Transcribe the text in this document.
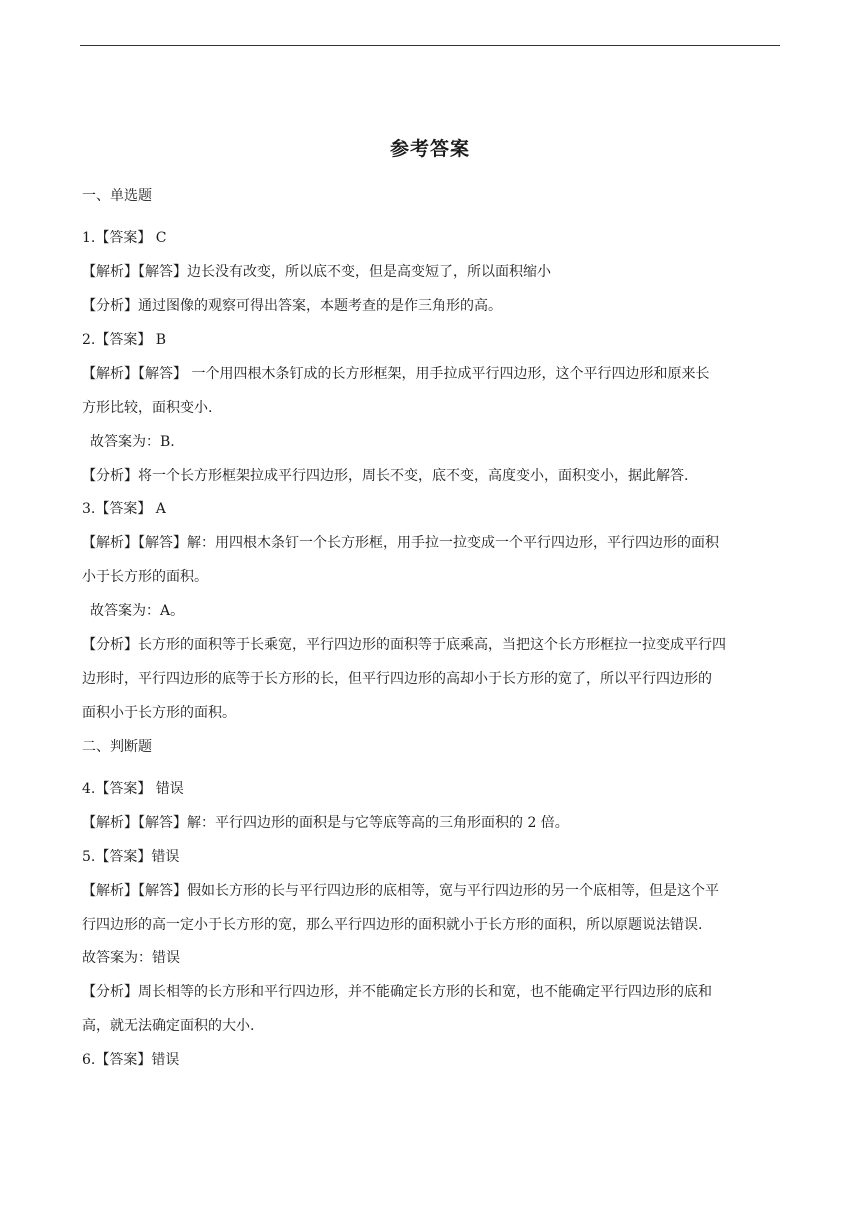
参考答案
一、单选题
1.【答案】 C
【解析】【解答】边长没有改变，所以底不变，但是高变短了，所以面积缩小
【分析】通过图像的观察可得出答案，本题考查的是作三角形的高。
2.【答案】 B
【解析】【解答】 一个用四根木条钉成的长方形框架，用手拉成平行四边形，这个平行四边形和原来长
方形比较，面积变小.
故答案为：B.
【分析】将一个长方形框架拉成平行四边形，周长不变，底不变，高度变小，面积变小，据此解答.
3.【答案】 A
【解析】【解答】解：用四根木条钉一个长方形框，用手拉一拉变成一个平行四边形，平行四边形的面积
小于长方形的面积。
故答案为：A。
【分析】长方形的面积等于长乘宽，平行四边形的面积等于底乘高，当把这个长方形框拉一拉变成平行四
边形时，平行四边形的底等于长方形的长，但平行四边形的高却小于长方形的宽了，所以平行四边形的
面积小于长方形的面积。
二、判断题
4.【答案】 错误
【解析】【解答】解：平行四边形的面积是与它等底等高的三角形面积的 2 倍。
5.【答案】错误
【解析】【解答】假如长方形的长与平行四边形的底相等，宽与平行四边形的另一个底相等，但是这个平
行四边形的高一定小于长方形的宽，那么平行四边形的面积就小于长方形的面积，所以原题说法错误.
故答案为：错误
【分析】周长相等的长方形和平行四边形，并不能确定长方形的长和宽，也不能确定平行四边形的底和
高，就无法确定面积的大小.
6.【答案】错误
